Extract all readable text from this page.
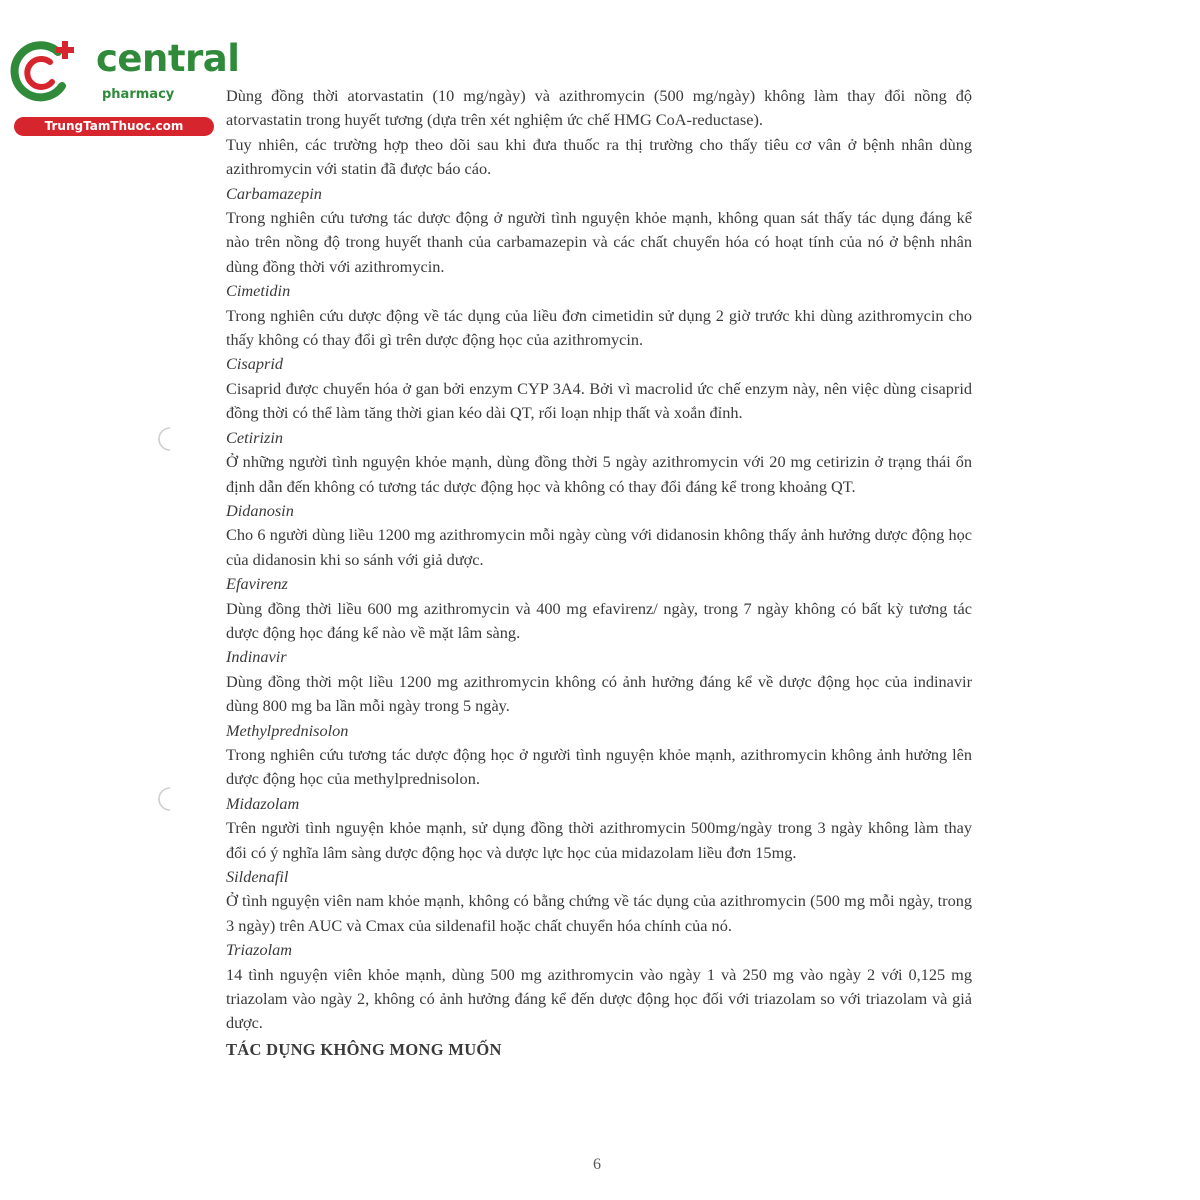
central
pharmacy
TrungTamThuoc.com

Dùng đồng thời atorvastatin (10 mg/ngày) và azithromycin (500 mg/ngày) không làm thay đổi nồng độ atorvastatin trong huyết tương (dựa trên xét nghiệm ức chế HMG CoA-reductase).

Tuy nhiên, các trường hợp theo dõi sau khi đưa thuốc ra thị trường cho thấy tiêu cơ vân ở bệnh nhân dùng azithromycin với statin đã được báo cáo.

Carbamazepin

Trong nghiên cứu tương tác dược động ở người tình nguyện khỏe mạnh, không quan sát thấy tác dụng đáng kể nào trên nồng độ trong huyết thanh của carbamazepin và các chất chuyển hóa có hoạt tính của nó ở bệnh nhân dùng đồng thời với azithromycin.

Cimetidin

Trong nghiên cứu dược động về tác dụng của liều đơn cimetidin sử dụng 2 giờ trước khi dùng azithromycin cho thấy không có thay đổi gì trên dược động học của azithromycin.

Cisaprid

Cisaprid được chuyển hóa ở gan bởi enzym CYP 3A4. Bởi vì macrolid ức chế enzym này, nên việc dùng cisaprid đồng thời có thể làm tăng thời gian kéo dài QT, rối loạn nhịp thất và xoắn đỉnh.

Cetirizin

Ở những người tình nguyện khỏe mạnh, dùng đồng thời 5 ngày azithromycin với 20 mg cetirizin ở trạng thái ổn định dẫn đến không có tương tác dược động học và không có thay đổi đáng kể trong khoảng QT.

Didanosin

Cho 6 người dùng liều 1200 mg azithromycin mỗi ngày cùng với didanosin không thấy ảnh hưởng dược động học của didanosin khi so sánh với giả dược.

Efavirenz

Dùng đồng thời liều 600 mg azithromycin và 400 mg efavirenz/ ngày, trong 7 ngày không có bất kỳ tương tác dược động học đáng kể nào về mặt lâm sàng.

Indinavir

Dùng đồng thời một liều 1200 mg azithromycin không có ảnh hưởng đáng kể về dược động học của indinavir dùng 800 mg ba lần mỗi ngày trong 5 ngày.

Methylprednisolon

Trong nghiên cứu tương tác dược động học ở người tình nguyện khỏe mạnh, azithromycin không ảnh hưởng lên dược động học của methylprednisolon.

Midazolam

Trên người tình nguyện khỏe mạnh, sử dụng đồng thời azithromycin 500mg/ngày trong 3 ngày không làm thay đổi có ý nghĩa lâm sàng dược động học và dược lực học của midazolam liều đơn 15mg.

Sildenafil

Ở tình nguyện viên nam khỏe mạnh, không có bằng chứng về tác dụng của azithromycin (500 mg mỗi ngày, trong 3 ngày) trên AUC và Cmax của sildenafil hoặc chất chuyển hóa chính của nó.

Triazolam

14 tình nguyện viên khỏe mạnh, dùng 500 mg azithromycin vào ngày 1 và 250 mg vào ngày 2 với 0,125 mg triazolam vào ngày 2, không có ảnh hưởng đáng kể đến dược động học đối với triazolam so với triazolam và giả dược.

TÁC DỤNG KHÔNG MONG MUỐN
6
